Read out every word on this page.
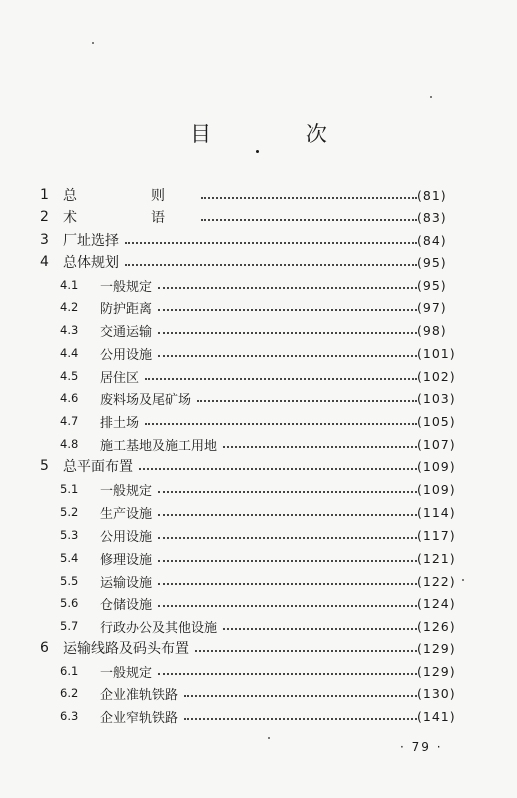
目 次
1 总　则	(81)
2 术　语	(83)
3 厂址选择	(84)
4 总体规划	(95)
4.1 一般规定	(95)
4.2 防护距离	(97)
4.3 交通运输	(98)
4.4 公用设施	(101)
4.5 居住区	(102)
4.6 废料场及尾矿场	(103)
4.7 排土场	(105)
4.8 施工基地及施工用地	(107)
5 总平面布置	(109)
5.1 一般规定	(109)
5.2 生产设施	(114)
5.3 公用设施	(117)
5.4 修理设施	(121)
5.5 运输设施	(122)
5.6 仓储设施	(124)
5.7 行政办公及其他设施	(126)
6 运输线路及码头布置	(129)
6.1 一般规定	(129)
6.2 企业准轨铁路	(130)
6.3 企业窄轨铁路	(141)
· 79 ·
